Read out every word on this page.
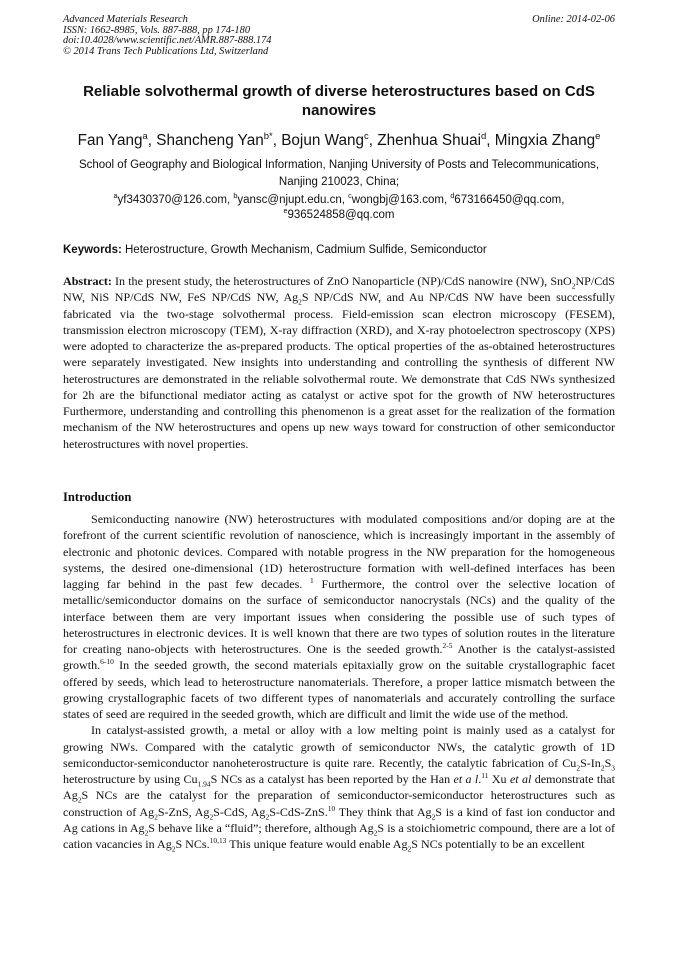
Advanced Materials Research
ISSN: 1662-8985, Vols. 887-888, pp 174-180
doi:10.4028/www.scientific.net/AMR.887-888.174
© 2014 Trans Tech Publications Ltd, Switzerland
Online: 2014-02-06
Reliable solvothermal growth of diverse heterostructures based on CdS nanowires
Fan Yang$^a$, Shancheng Yan$^{b*}$, Bojun Wang$^c$, Zhenhua Shuai$^d$, Mingxia Zhang$^e$
School of Geography and Biological Information, Nanjing University of Posts and Telecommunications, Nanjing 210023, China;
$^a$yf3430370@126.com, $^b$yansc@njupt.edu.cn, $^c$wongbj@163.com, $^d$673166450@qq.com,
$^e$936524858@qq.com
Keywords: Heterostructure, Growth Mechanism, Cadmium Sulfide, Semiconductor
Abstract: In the present study, the heterostructures of ZnO Nanoparticle (NP)/CdS nanowire (NW), SnO$_2$NP/CdS NW, NiS NP/CdS NW, FeS NP/CdS NW, $Ag_2S$ NP/CdS NW, and Au NP/CdS NW have been successfully fabricated via the two-stage solvothermal process. Field-emission scan electron microscopy (FESEM), transmission electron microscopy (TEM), X-ray diffraction (XRD), and X-ray photoelectron spectroscopy (XPS) were adopted to characterize the as-prepared products. The optical properties of the as-obtained heterostructures were separately investigated. New insights into understanding and controlling the synthesis of different NW heterostructures are demonstrated in the reliable solvothermal route. We demonstrate that CdS NWs synthesized for 2h are the bifunctional mediator acting as catalyst or active spot for the growth of NW heterostructures Furthermore, understanding and controlling this phenomenon is a great asset for the realization of the formation mechanism of the NW heterostructures and opens up new ways toward for construction of other semiconductor heterostructures with novel properties.
Introduction

Semiconducting nanowire (NW) heterostructures with modulated compositions and/or doping are at the forefront of the current scientific revolution of nanoscience, which is increasingly important in the assembly of electronic and photonic devices. Compared with notable progress in the NW preparation for the homogeneous systems, the desired one-dimensional (1D) heterostructure formation with well-defined interfaces has been lagging far behind in the past few decades. $^1$ Furthermore, the control over the selective location of metallic/semiconductor domains on the surface of semiconductor nanocrystals (NCs) and the quality of the interface between them are very important issues when considering the possible use of such types of heterostructures in electronic devices. It is well known that there are two types of solution routes in the literature for creating nano-objects with heterostructures. One is the seeded growth.$^{2-5}$ Another is the catalyst-assisted growth.$^{6-10}$ In the seeded growth, the second materials epitaxially grow on the suitable crystallographic facet offered by seeds, which lead to heterostructure nanomaterials. Therefore, a proper lattice mismatch between the growing crystallographic facets of two different types of nanomaterials and accurately controlling the surface states of seed are required in the seeded growth, which are difficult and limit the wide use of the method.

In catalyst-assisted growth, a metal or alloy with a low melting point is mainly used as a catalyst for growing NWs. Compared with the catalytic growth of semiconductor NWs, the catalytic growth of 1D semiconductor-semiconductor nanoheterostructure is quite rare. Recently, the catalytic fabrication of $Cu_2S-In_2S_3$ heterostructure by using $Cu_{1.94}S$ NCs as a catalyst has been reported by the Han et a l.$^{11}$ Xu et al demonstrate that $Ag_2S$ NCs are the catalyst for the preparation of semiconductor-semiconductor heterostructures such as construction of $Ag_2S$-ZnS, $Ag_2S$-CdS, $Ag_2S-CdS-ZnS.^{10}$ They think that $Ag_2S$ is a kind of fast ion conductor and Ag cations in $Ag_2S$ behave like a “fluid”; therefore, although $Ag_2S$ is a stoichiometric compound, there are a lot of cation vacancies in $Ag_2S$ NCs.$^{10,13}$ This unique feature would enable $Ag_2S$ NCs potentially to be an excellent
